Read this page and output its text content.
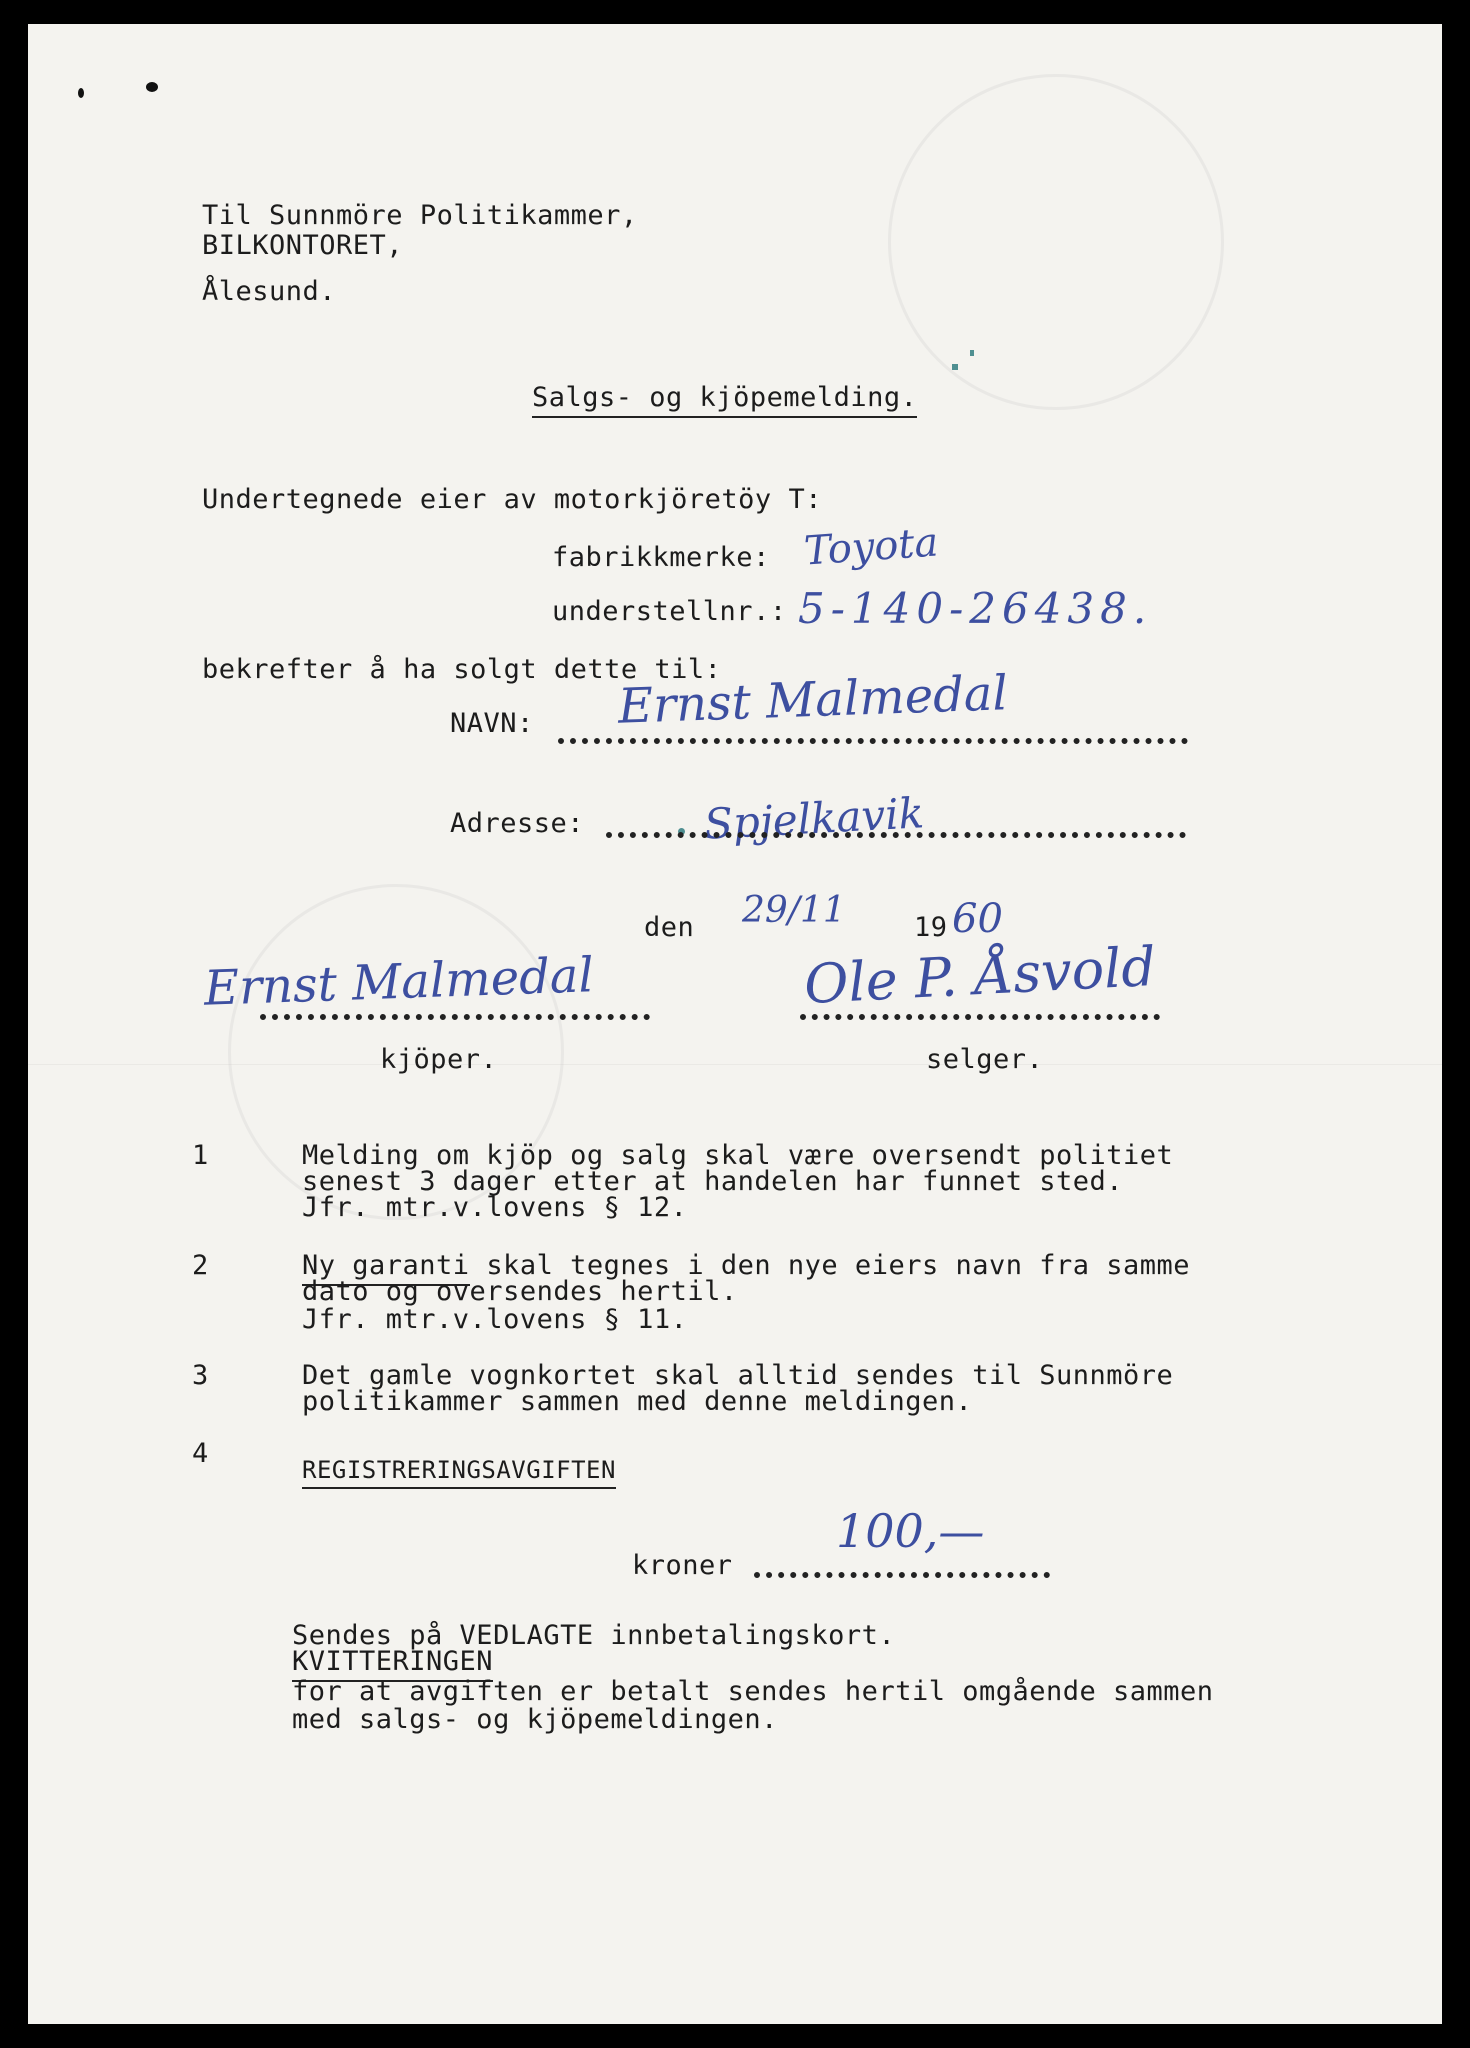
Til Sunnmöre Politikammer,
BILKONTORET,
Ålesund.
Salgs- og kjöpemelding.
Undertegnede eier av motorkjöretöy T:
fabrikkmerke: Toyota
understellnr.: 5-140-26438.
bekrefter å ha solgt dette til:
NAVN: Ernst Malmedal
Adresse:	Spjelkavik
den 29/11	19 60
Ernst Malmedal
kjöper.
Ole P. Åsvold
selger.
1	Melding om kjöp og salg skal være oversendt politiet
senest 3 dager etter at handelen har funnet sted.
Jfr. mtr.v.lovens § 12.
2	Ny garanti skal tegnes i den nye eiers navn fra samme
dato og oversendes hertil.
Jfr. mtr.v.lovens § 11.
3	Det gamle vognkortet skal alltid sendes til Sunnmöre
politikammer sammen med denne meldingen.
4
REGISTRERINGSAVGIFTEN
kroner
100,—
Sendes på VEDLAGTE innbetalingskort.
KVITTERINGEN
for at avgiften er betalt sendes hertil omgående sammen
med salgs- og kjöpemeldingen.
